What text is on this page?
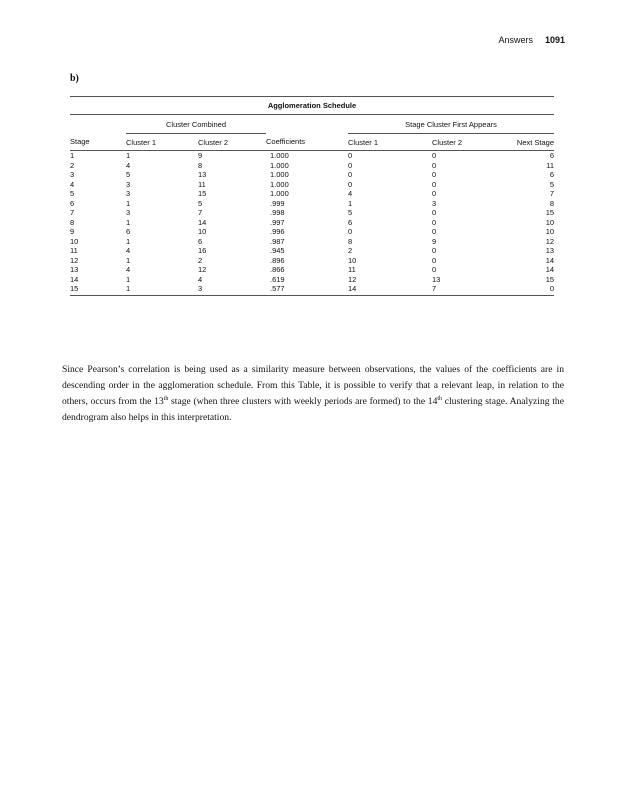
Answers 1091
b)
Agglomeration Schedule
	Cluster Combined			Stage Cluster First Appears		
Stage	Cluster 1	Cluster 2	Coefficients	Cluster 1	Cluster 2	Next Stage
1	1	9	1.000	0	0	6
2	4	8	1.000	0	0	11
3	5	13	1.000	0	0	6
4	3	11	1.000	0	0	5
5	3	15	1.000	4	0	7
6	1	5	.999	1	3	8
7	3	7	.998	5	0	15
8	1	14	.997	6	0	10
9	6	10	.996	0	0	10
10	1	6	.987	8	9	12
11	4	16	.945	2	0	13
12	1	2	.896	10	0	14
13	4	12	.866	11	0	14
14	1	4	.619	12	13	15
15	1	3	.577	14	7	0

Since Pearson’s correlation is being used as a similarity measure between observations, the values of the coefficients are in descending order in the agglomeration schedule. From this Table, it is possible to verify that a relevant leap, in relation to the others, occurs from the 13th stage (when three clusters with weekly periods are formed) to the 14th clustering stage. Analyzing the dendrogram also helps in this interpretation.
